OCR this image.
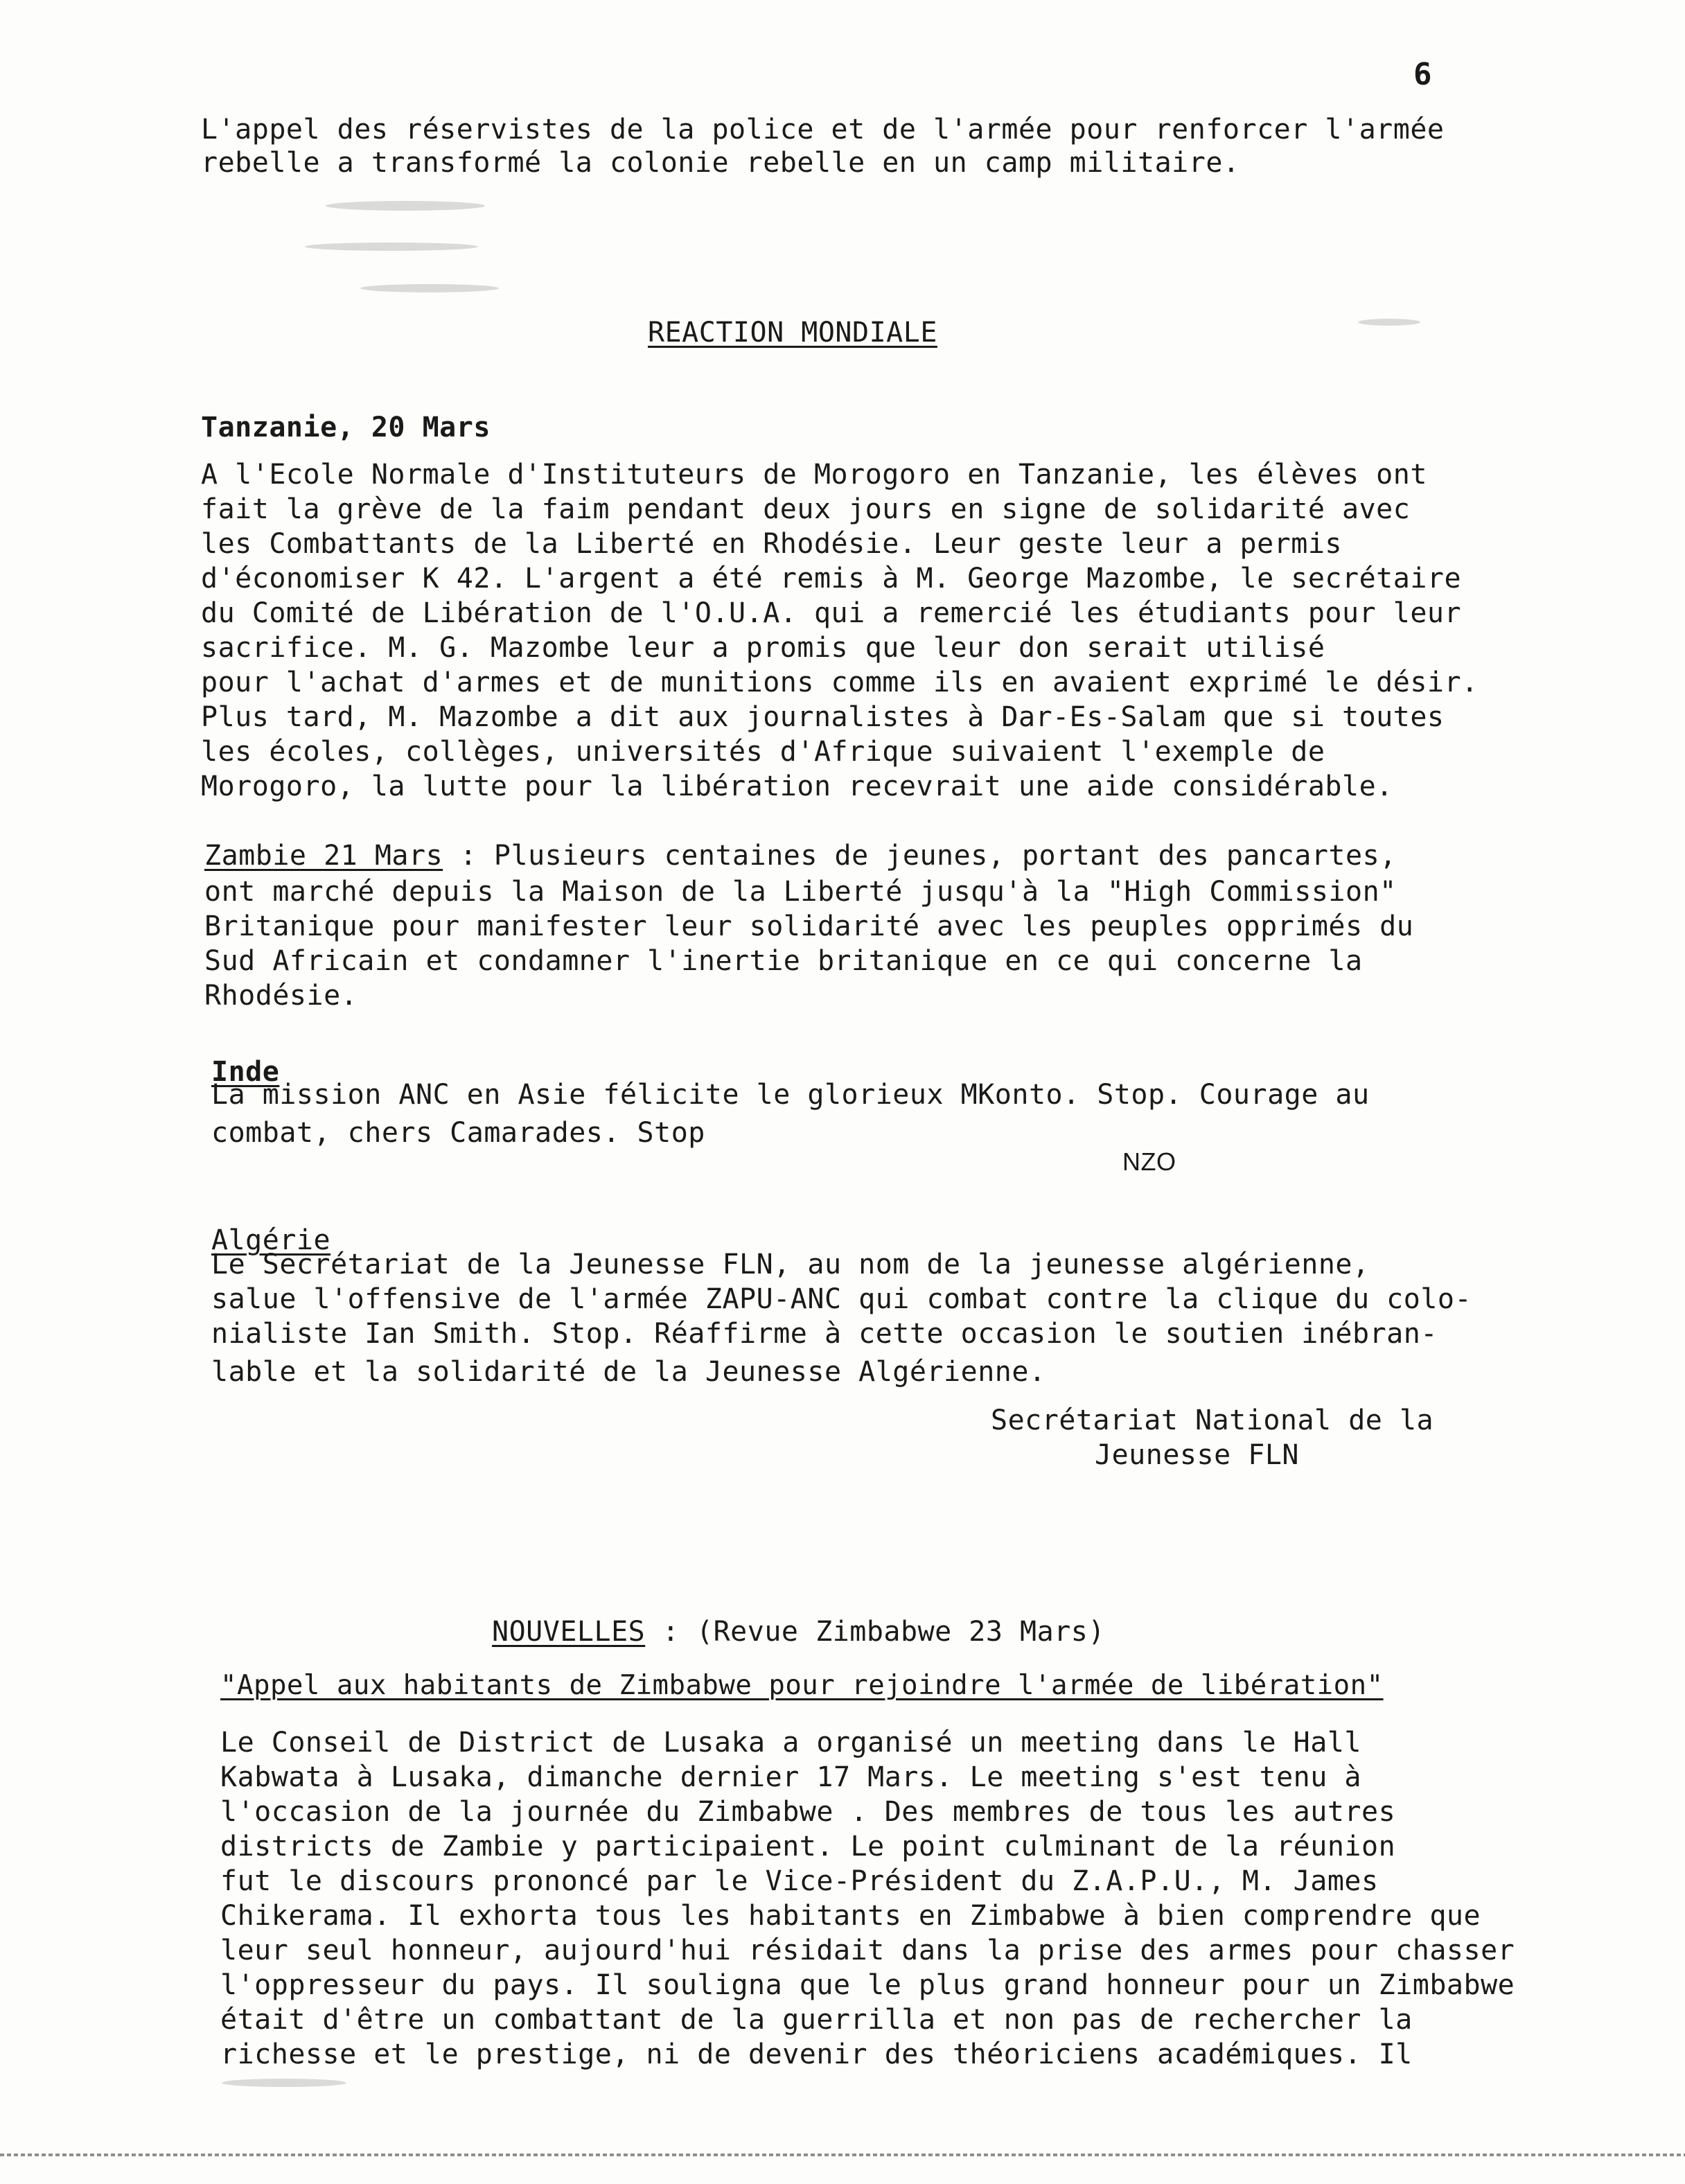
6
L'appel des réservistes de la police et de l'armée pour renforcer l'armée
rebelle a transformé la colonie rebelle en un camp militaire.
REACTION MONDIALE
Tanzanie, 20 Mars
A l'Ecole Normale d'Instituteurs de Morogoro en Tanzanie, les élèves ont
fait la grève de la faim pendant deux jours en signe de solidarité avec
les Combattants de la Liberté en Rhodésie. Leur geste leur a permis
d'économiser K 42. L'argent a été remis à M. George Mazombe, le secrétaire
du Comité de Libération de l'O.U.A. qui a remercié les étudiants pour leur
sacrifice. M. G. Mazombe leur a promis que leur don serait utilisé
pour l'achat d'armes et de munitions comme ils en avaient exprimé le désir.
Plus tard, M. Mazombe a dit aux journalistes à Dar-Es-Salam que si toutes
les écoles, collèges, universités d'Afrique suivaient l'exemple de
Morogoro, la lutte pour la libération recevrait une aide considérable.
Zambie 21 Mars : Plusieurs centaines de jeunes, portant des pancartes,
ont marché depuis la Maison de la Liberté jusqu'à la "High Commission"
Britanique pour manifester leur solidarité avec les peuples opprimés du
Sud Africain et condamner l'inertie britanique en ce qui concerne la
Rhodésie.
Inde
La mission ANC en Asie félicite le glorieux MKonto. Stop. Courage au
combat, chers Camarades. Stop
NZO
Algérie
Le Secrétariat de la Jeunesse FLN, au nom de la jeunesse algérienne,
salue l'offensive de l'armée ZAPU-ANC qui combat contre la clique du colo-
nialiste Ian Smith. Stop. Réaffirme à cette occasion le soutien inébran-
lable et la solidarité de la Jeunesse Algérienne.
Secrétariat National de la
Jeunesse FLN
NOUVELLES : (Revue Zimbabwe 23 Mars)
"Appel aux habitants de Zimbabwe pour rejoindre l'armée de libération"
Le Conseil de District de Lusaka a organisé un meeting dans le Hall
Kabwata à Lusaka, dimanche dernier 17 Mars. Le meeting s'est tenu à
l'occasion de la journée du Zimbabwe . Des membres de tous les autres
districts de Zambie y participaient. Le point culminant de la réunion
fut le discours prononcé par le Vice-Président du Z.A.P.U., M. James
Chikerama. Il exhorta tous les habitants en Zimbabwe à bien comprendre que
leur seul honneur, aujourd'hui résidait dans la prise des armes pour chasser
l'oppresseur du pays. Il souligna que le plus grand honneur pour un Zimbabwe
était d'être un combattant de la guerrilla et non pas de rechercher la
richesse et le prestige, ni de devenir des théoriciens académiques. Il
